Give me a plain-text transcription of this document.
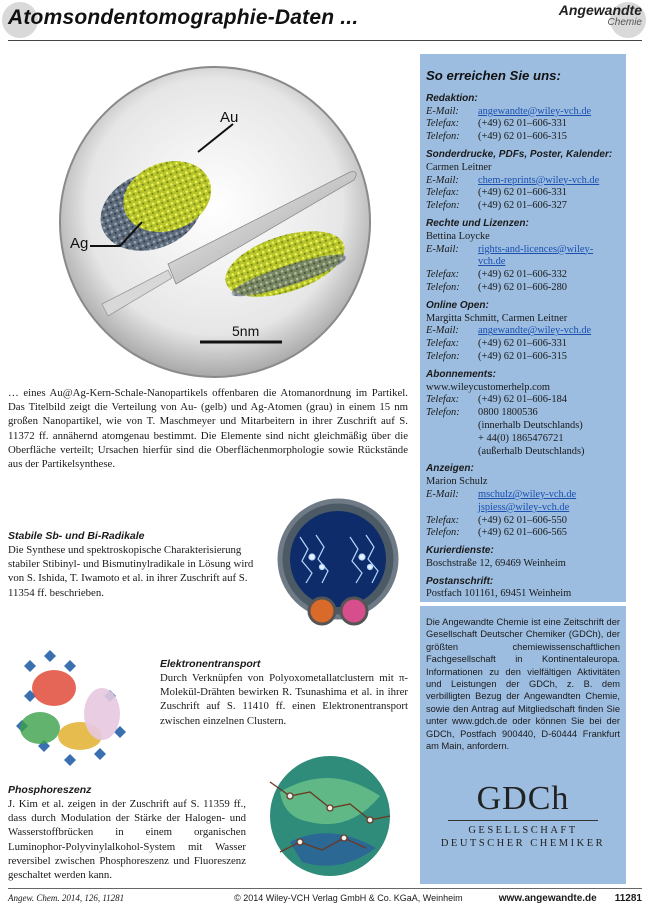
Atomsondentomographie-Daten ...	Angewandte
Chemie
Au
Ag
5nm

… eines Au@Ag-Kern-Schale-Nanopartikels offenbaren die Atomanordnung im Partikel. Das Titelbild zeigt die Verteilung von Au- (gelb) und Ag-Atomen (grau) in einem 15 nm großen Nanopartikel, wie von T. Maschmeyer und Mitarbeitern in ihrer Zuschrift auf S. 11372 ff. annähernd atomgenau bestimmt. Die Elemente sind nicht gleichmäßig über die Oberfläche verteilt; Ursachen hierfür sind die Oberflächenmorphologie sowie Rückstände aus der Partikelsynthese.

Stabile Sb- und Bi-Radikale

Die Synthese und spektroskopische Charakterisierung stabiler Stibinyl- und Bismutinylradikale in Lösung wird von S. Ishida, T. Iwamoto et al. in ihrer Zuschrift auf S. 11354 ff. beschrieben.

Elektronentransport

Durch Verknüpfen von Polyoxometallatclustern mit π-Molekül-Drähten bewirken R. Tsunashima et al. in ihrer Zuschrift auf S. 11410 ff. einen Elektronentransport zwischen einzelnen Clustern.

Phosphoreszenz

J. Kim et al. zeigen in der Zuschrift auf S. 11359 ff., dass durch Modulation der Stärke der Halogen- und Wasserstoffbrücken in einem organischen Luminophor-Polyvinylalkohol-System mit Wasser reversibel zwischen Phosphoreszenz und Fluoreszenz geschaltet werden kann.

So erreichen Sie uns:
Redaktion:
E-Mail:	angewandte@wiley-vch.de
Telefax:	(+49) 62 01–606-331
Telefon:	(+49) 62 01–606-315
Sonderdrucke, PDFs, Poster, Kalender:
Carmen Leitner
E-Mail:	chem-reprints@wiley-vch.de
Telefax:	(+49) 62 01–606-331
Telefon:	(+49) 62 01–606-327
Rechte und Lizenzen:
Bettina Loycke
E-Mail:	rights-and-licences@wiley-vch.de
Telefax:	(+49) 62 01–606-332
Telefon:	(+49) 62 01–606-280
Online Open:
Margitta Schmitt, Carmen Leitner
E-Mail:	angewandte@wiley-vch.de
Telefax:	(+49) 62 01–606-331
Telefon:	(+49) 62 01–606-315
Abonnements:
www.wileycustomerhelp.com
Telefax:	(+49) 62 01–606-184
Telefon:	0800 1800536
(innerhalb Deutschlands)
+ 44(0) 1865476721
(außerhalb Deutschlands)
Anzeigen:
Marion Schulz
E-Mail:	mschulz@wiley-vch.de
jspiess@wiley-vch.de
Telefax:	(+49) 62 01–606-550
Telefon:	(+49) 62 01–606-565
Kurierdienste:
Boschstraße 12, 69469 Weinheim
Postanschrift:
Postfach 101161, 69451 Weinheim

Die Angewandte Chemie ist eine Zeitschrift der Gesellschaft Deutscher Chemiker (GDCh), der größten chemiewissenschaftlichen Fachgesellschaft in Kontinentaleuropa. Informationen zu den vielfältigen Aktivitäten und Leistungen der GDCh, z. B. dem verbilligten Bezug der Angewandten Chemie, sowie den Antrag auf Mitgliedschaft finden Sie unter www.gdch.de oder können Sie bei der GDCh, Postfach 900440, D-60444 Frankfurt am Main, anfordern.

GDCh
GESELLSCHAFT
DEUTSCHER CHEMIKER
Angew. Chem. 2014, 126, 11281	© 2014 Wiley-VCH Verlag GmbH & Co. KGaA, Weinheim	www.angewandte.de 11281
